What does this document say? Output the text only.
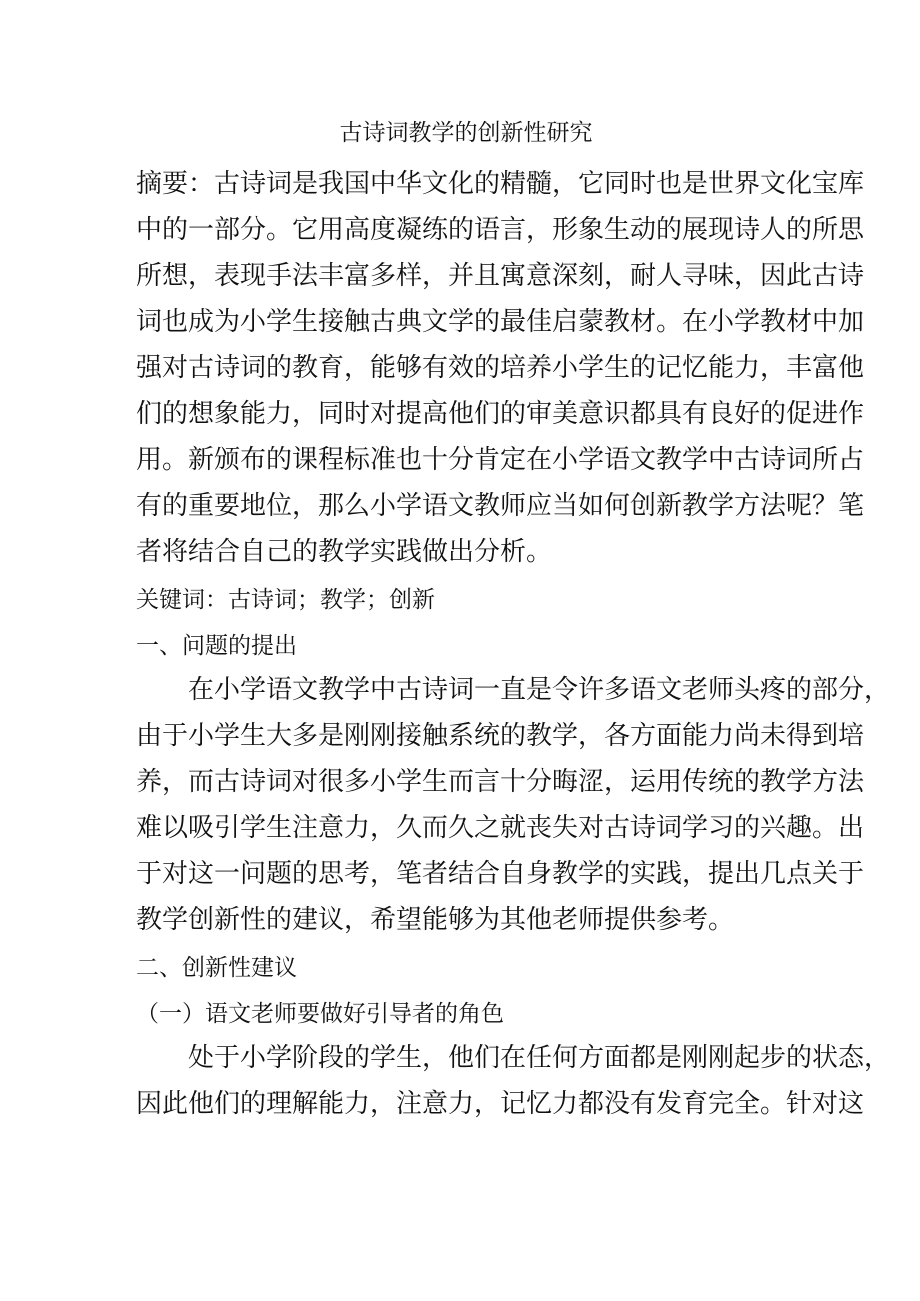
古诗词教学的创新性研究

摘要：古诗词是我国中华文化的精髓，它同时也是世界文化宝库

中的一部分。它用高度凝练的语言，形象生动的展现诗人的所思

所想，表现手法丰富多样，并且寓意深刻，耐人寻味，因此古诗

词也成为小学生接触古典文学的最佳启蒙教材。在小学教材中加

强对古诗词的教育，能够有效的培养小学生的记忆能力，丰富他

们的想象能力，同时对提高他们的审美意识都具有良好的促进作

用。新颁布的课程标准也十分肯定在小学语文教学中古诗词所占

有的重要地位，那么小学语文教师应当如何创新教学方法呢？笔

者将结合自己的教学实践做出分析。

关键词：古诗词；教学；创新

一、问题的提出

　　在小学语文教学中古诗词一直是令许多语文老师头疼的部分，

由于小学生大多是刚刚接触系统的教学，各方面能力尚未得到培

养，而古诗词对很多小学生而言十分晦涩，运用传统的教学方法

难以吸引学生注意力，久而久之就丧失对古诗词学习的兴趣。出

于对这一问题的思考，笔者结合自身教学的实践，提出几点关于

教学创新性的建议，希望能够为其他老师提供参考。

二、创新性建议

（一）语文老师要做好引导者的角色

　　处于小学阶段的学生，他们在任何方面都是刚刚起步的状态，

因此他们的理解能力，注意力，记忆力都没有发育完全。针对这
